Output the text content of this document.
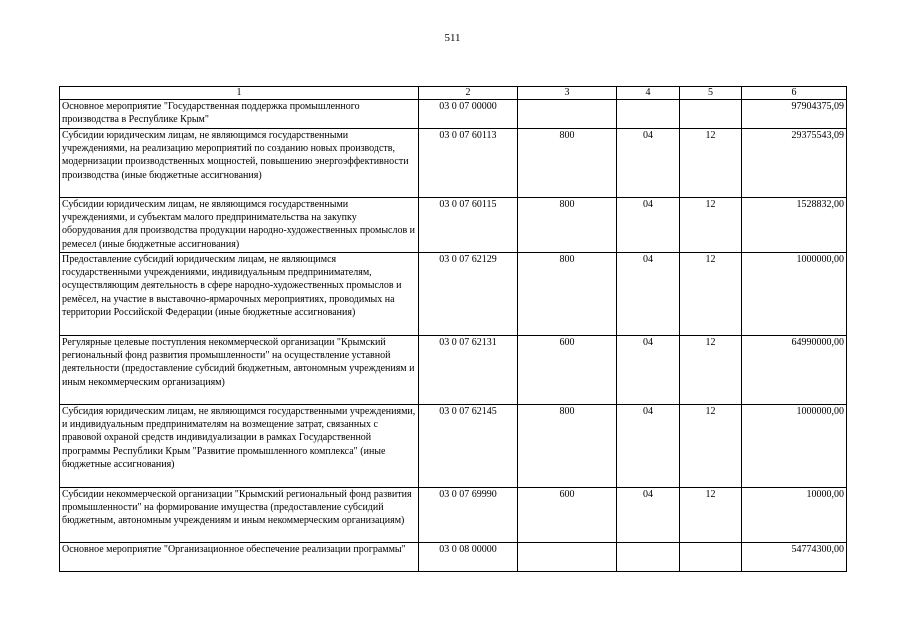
511
1	2	3	4	5	6
Основное мероприятие "Государственная поддержка промышленного производства в Республике Крым"	03 0 07 00000				97904375,09
Субсидии юридическим лицам, не являющимся государственными учреждениями, на реализацию мероприятий по созданию новых производств, модернизации производственных мощностей, повышению энергоэффективности производства (иные бюджетные ассигнования)	03 0 07 60113	800	04	12	29375543,09
Субсидии юридическим лицам, не являющимся государственными учреждениями, и субъектам малого предпринимательства на закупку оборудования для производства продукции народно-художественных промыслов и ремесел (иные бюджетные ассигнования)	03 0 07 60115	800	04	12	1528832,00
Предоставление субсидий юридическим лицам, не являющимся государственными учреждениями, индивидуальным предпринимателям, осуществляющим деятельность в сфере народно-художественных промыслов и ремёсел, на участие в выставочно-ярмарочных мероприятиях, проводимых на территории Российской Федерации (иные бюджетные ассигнования)	03 0 07 62129	800	04	12	1000000,00
Регулярные целевые поступления некоммерческой организации "Крымский региональный фонд развития промышленности" на осуществление уставной деятельности (предоставление субсидий бюджетным, автономным учреждениям и иным некоммерческим организациям)	03 0 07 62131	600	04	12	64990000,00
Субсидия юридическим лицам, не являющимся государственными учреждениями, и индивидуальным предпринимателям на возмещение затрат, связанных с правовой охраной средств индивидуализации в рамках Государственной программы Республики Крым "Развитие промышленного комплекса" (иные бюджетные ассигнования)	03 0 07 62145	800	04	12	1000000,00
Субсидии некоммерческой организации "Крымский региональный фонд развития промышленности" на формирование имущества (предоставление субсидий бюджетным, автономным учреждениям и иным некоммерческим организациям)	03 0 07 69990	600	04	12	10000,00
Основное мероприятие "Организационное обеспечение реализации программы"	03 0 08 00000				54774300,00
